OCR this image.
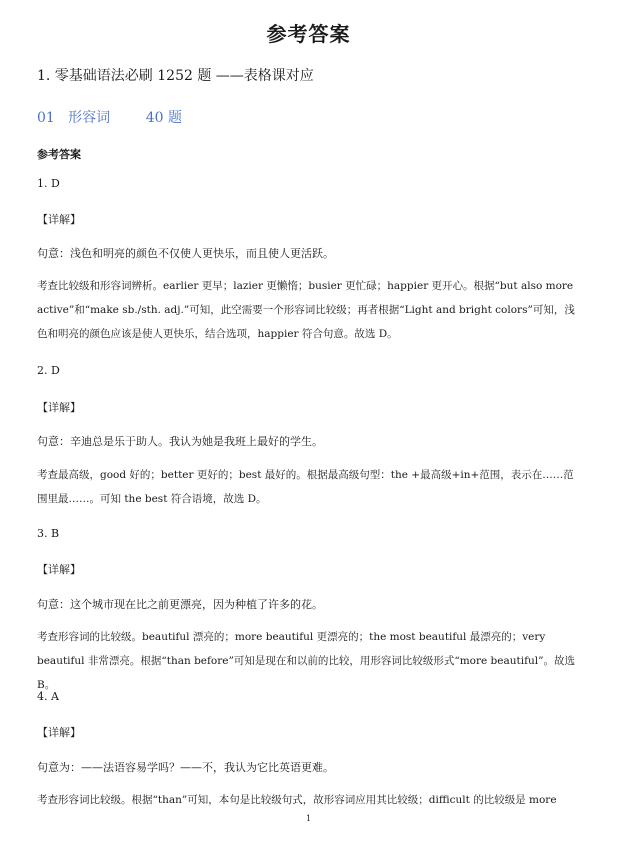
参考答案
1. 零基础语法必刷 1252 题 ——表格课对应
01   形容词        40 题
参考答案
1. D
【详解】
句意：浅色和明亮的颜色不仅使人更快乐，而且使人更活跃。
考查比较级和形容词辨析。earlier 更早；lazier 更懒惰；busier 更忙碌；happier 更开心。根据“but also more active”和“make sb./sth. adj.”可知，此空需要一个形容词比较级；再者根据“Light and bright colors”可知，浅色和明亮的颜色应该是使人更快乐，结合选项，happier 符合句意。故选 D。
2. D
【详解】
句意：辛迪总是乐于助人。我认为她是我班上最好的学生。
考查最高级，good 好的；better 更好的；best 最好的。根据最高级句型：the +最高级+in+范围，表示在……范围里最……。可知 the best 符合语境，故选 D。
3. B
【详解】
句意：这个城市现在比之前更漂亮，因为种植了许多的花。
考查形容词的比较级。beautiful 漂亮的；more beautiful 更漂亮的；the most beautiful 最漂亮的；very beautiful 非常漂亮。根据“than before”可知是现在和以前的比较，用形容词比较级形式“more beautiful”。故选 B。
4. A
【详解】
句意为：——法语容易学吗？——不，我认为它比英语更难。
考查形容词比较级。根据“than”可知，本句是比较级句式，故形容词应用其比较级；difficult 的比较级是 more
1
